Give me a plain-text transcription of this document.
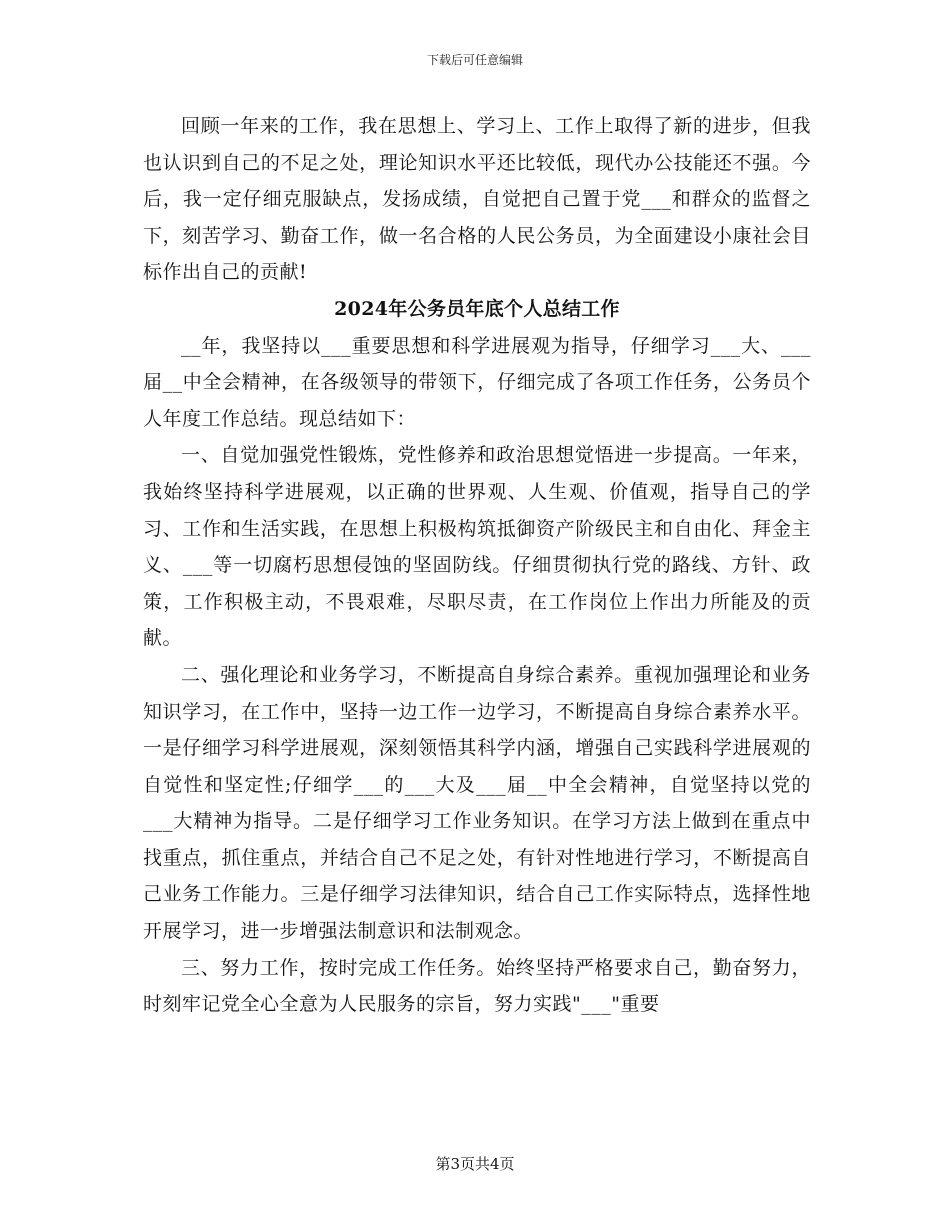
下载后可任意编辑

回顾一年来的工作，我在思想上、学习上、工作上取得了新的进步，但我也认识到自己的不足之处，理论知识水平还比较低，现代办公技能还不强。今后，我一定仔细克服缺点，发扬成绩，自觉把自己置于党___和群众的监督之下，刻苦学习、勤奋工作，做一名合格的人民公务员，为全面建设小康社会目标作出自己的贡献!

2024年公务员年底个人总结工作

__年，我坚持以___重要思想和科学进展观为指导，仔细学习___大、___届__中全会精神，在各级领导的带领下，仔细完成了各项工作任务，公务员个人年度工作总结。现总结如下：

一、自觉加强党性锻炼，党性修养和政治思想觉悟进一步提高。一年来，我始终坚持科学进展观，以正确的世界观、人生观、价值观，指导自己的学习、工作和生活实践，在思想上积极构筑抵御资产阶级民主和自由化、拜金主义、___等一切腐朽思想侵蚀的坚固防线。仔细贯彻执行党的路线、方针、政策，工作积极主动，不畏艰难，尽职尽责，在工作岗位上作出力所能及的贡献。

二、强化理论和业务学习，不断提高自身综合素养。重视加强理论和业务知识学习，在工作中，坚持一边工作一边学习，不断提高自身综合素养水平。一是仔细学习科学进展观，深刻领悟其科学内涵，增强自己实践科学进展观的自觉性和坚定性;仔细学___的___大及___届__中全会精神，自觉坚持以党的___大精神为指导。二是仔细学习工作业务知识。在学习方法上做到在重点中找重点，抓住重点，并结合自己不足之处，有针对性地进行学习，不断提高自己业务工作能力。三是仔细学习法律知识，结合自己工作实际特点，选择性地开展学习，进一步增强法制意识和法制观念。

三、努力工作，按时完成工作任务。始终坚持严格要求自己，勤奋努力，时刻牢记党全心全意为人民服务的宗旨，努力实践"___"重要

第3页共4页
